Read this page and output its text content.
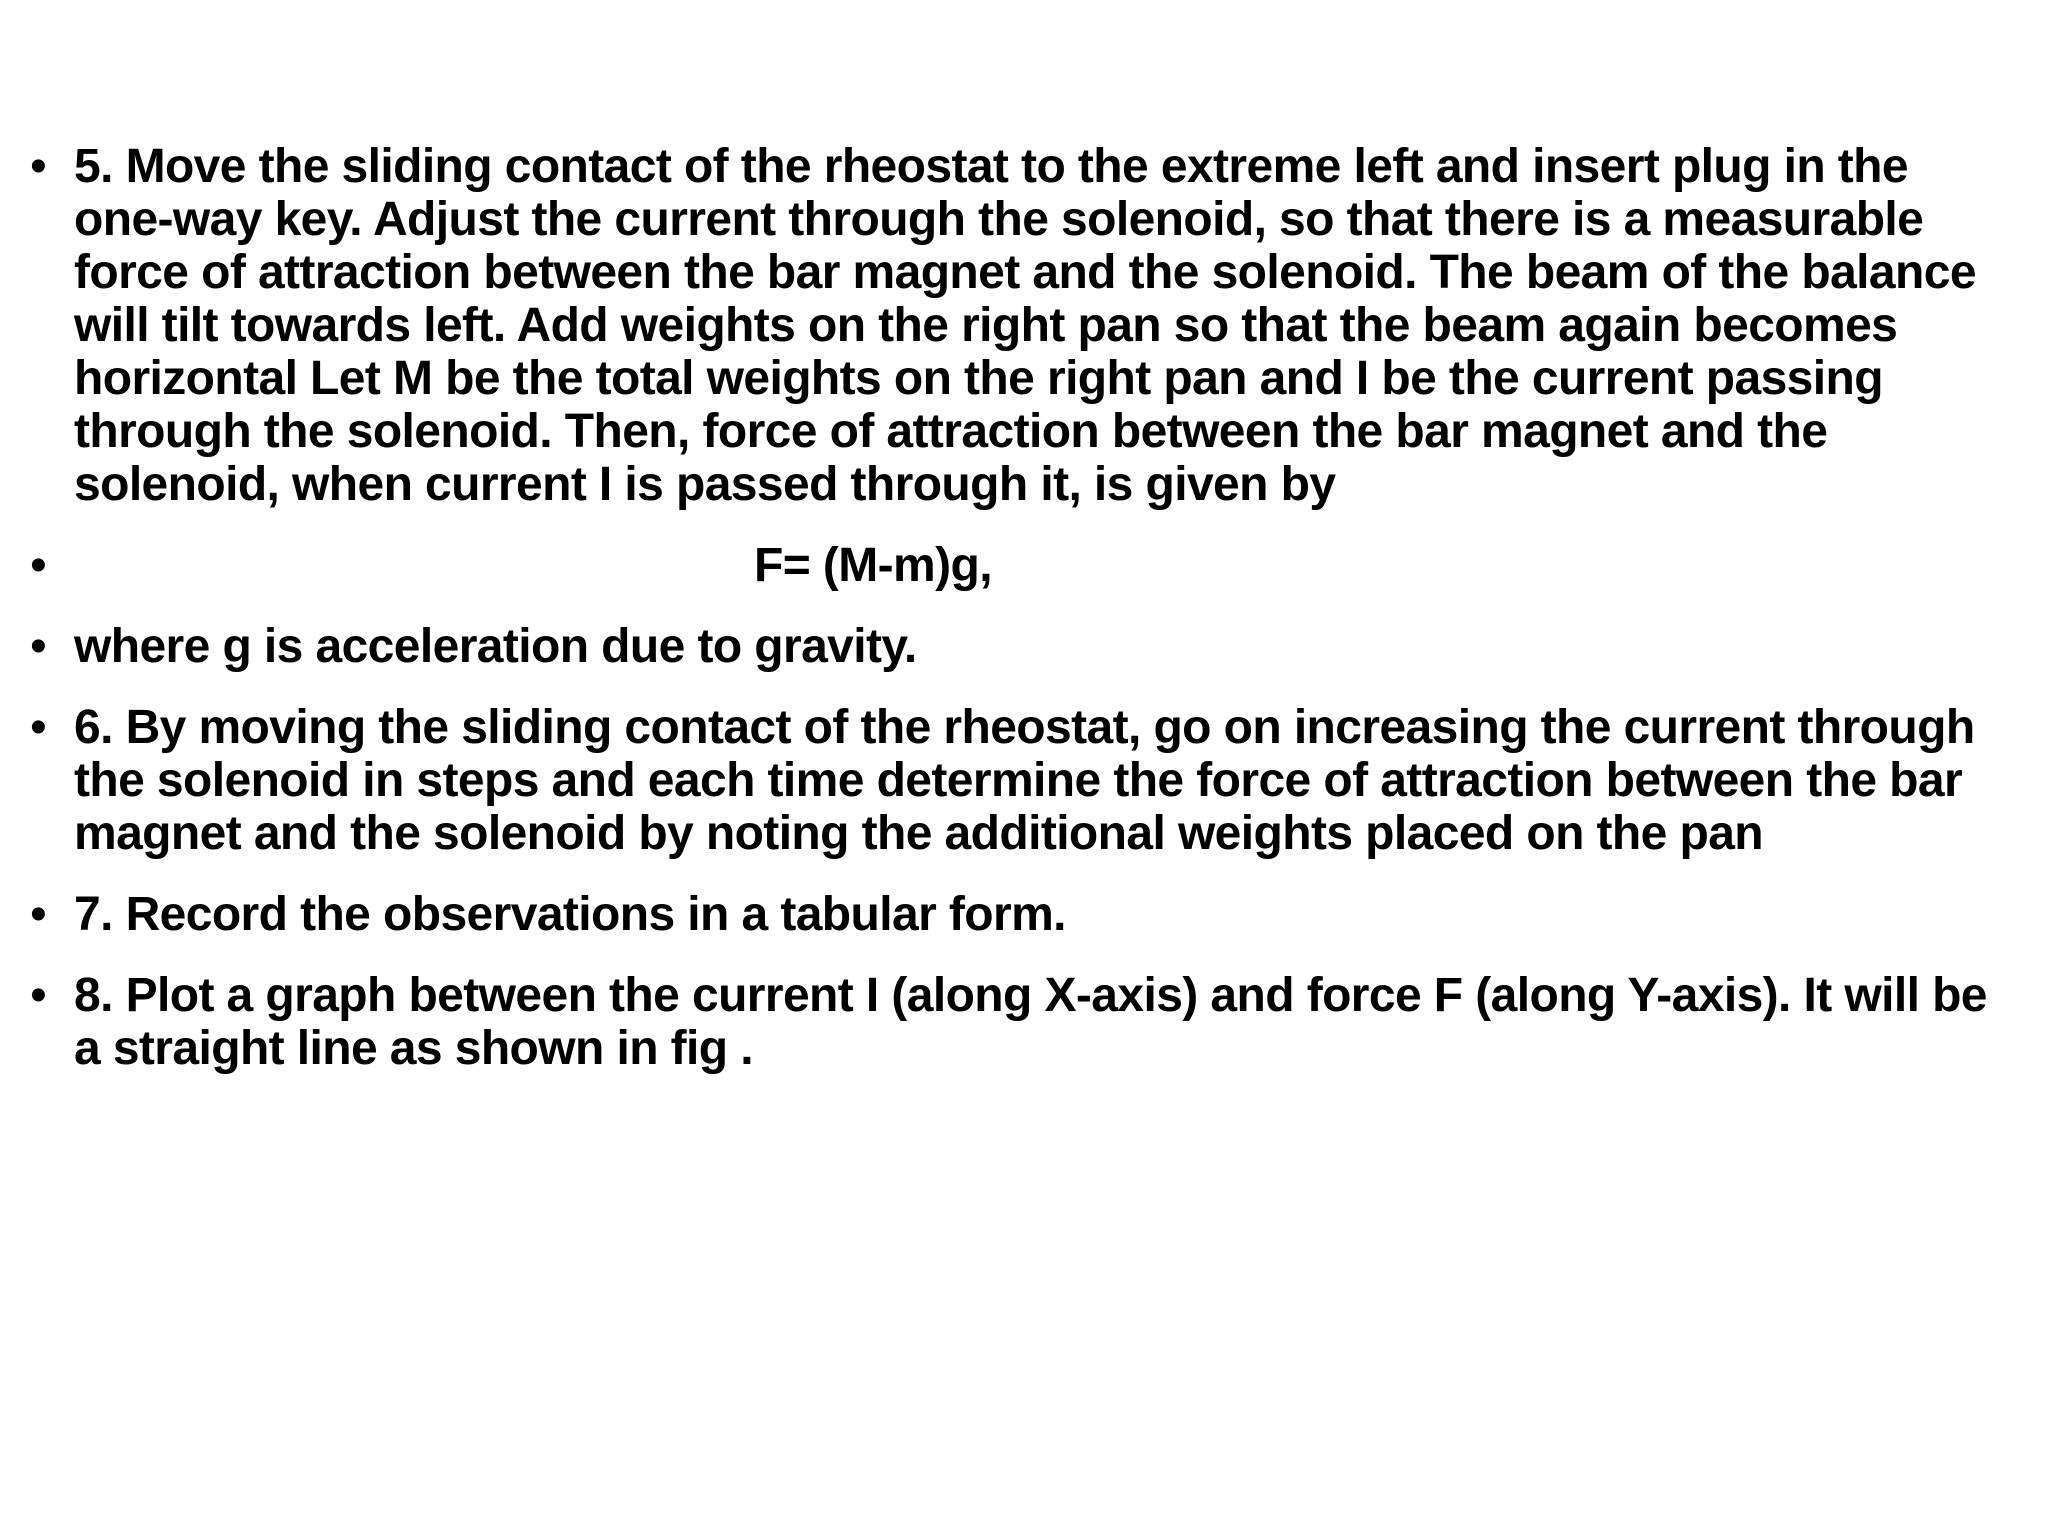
• 5. Move the sliding contact of the rheostat to the extreme left and insert plug in the one-way key. Adjust the current through the solenoid, so that there is a measurable force of attraction between the bar magnet and the solenoid. The beam of the balance will tilt towards left. Add weights on the right pan so that the beam again becomes horizontal Let M be the total weights on the right pan and I be the current passing through the solenoid. Then, force of attraction between the bar magnet and the solenoid, when current I is passed through it, is given by
•	F= (M-m)g,
• where g is acceleration due to gravity.
• 6. By moving the sliding contact of the rheostat, go on increasing the current through the solenoid in steps and each time determine the force of attraction between the bar magnet and the solenoid by noting the additional weights placed on the pan
• 7. Record the observations in a tabular form.
• 8. Plot a graph between the current I (along X-axis) and force F (along Y-axis). It will be a straight line as shown in fig .
